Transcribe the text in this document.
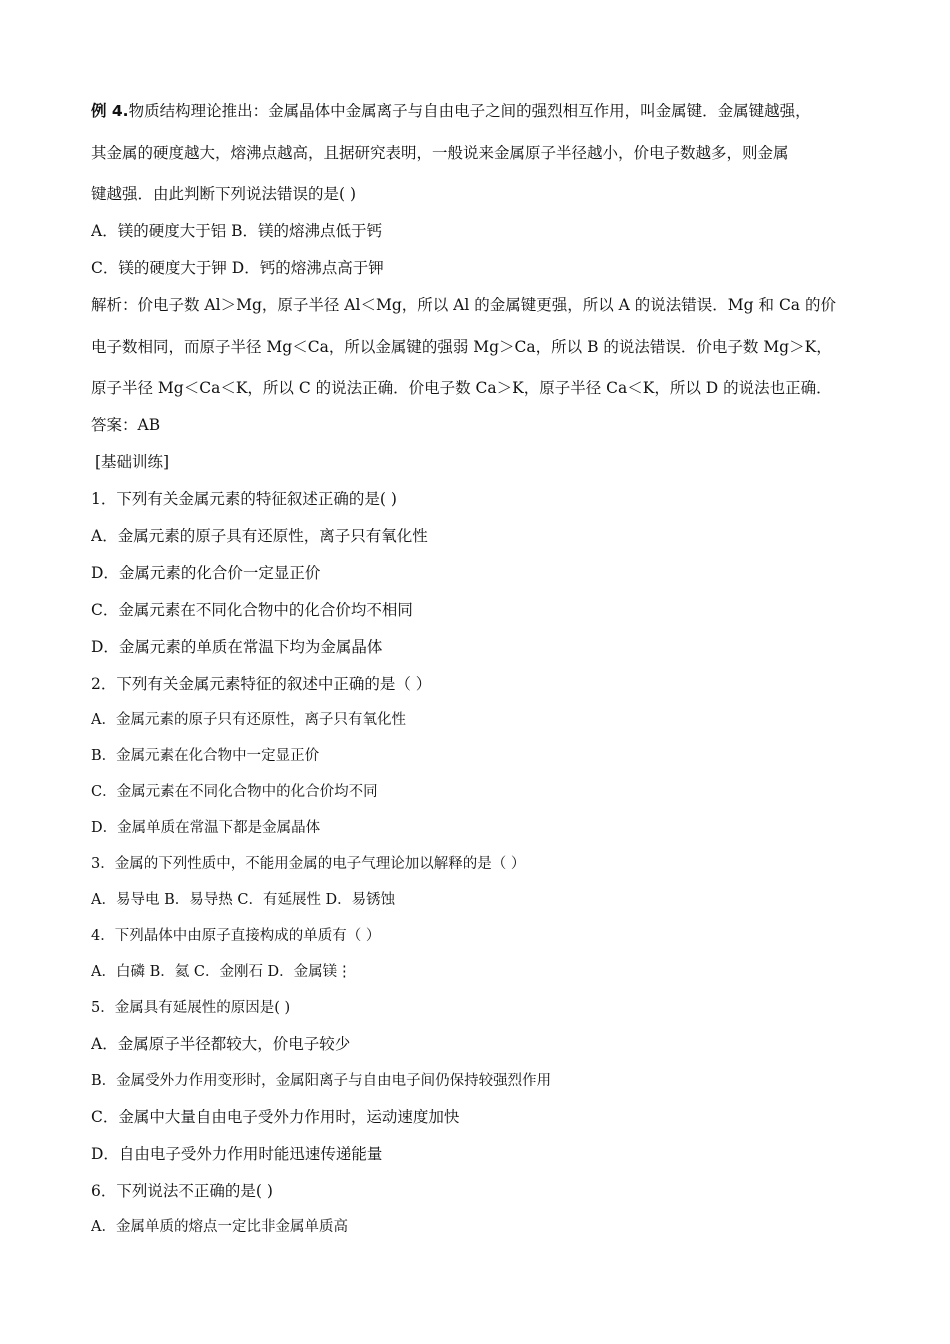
例 4.物质结构理论推出：金属晶体中金属离子与自由电子之间的强烈相互作用，叫金属键．金属键越强，
其金属的硬度越大，熔沸点越高，且据研究表明，一般说来金属原子半径越小，价电子数越多，则金属
键越强．由此判断下列说法错误的是( )
A．镁的硬度大于铝 B．镁的熔沸点低于钙
C．镁的硬度大于钾 D．钙的熔沸点高于钾
解析：价电子数 Al＞Mg，原子半径 Al＜Mg，所以 Al 的金属键更强，所以 A 的说法错误．Mg 和 Ca 的价
电子数相同，而原子半径 Mg＜Ca，所以金属键的强弱 Mg＞Ca，所以 B 的说法错误．价电子数 Mg＞K，
原子半径 Mg＜Ca＜K，所以 C 的说法正确．价电子数 Ca＞K，原子半径 Ca＜K，所以 D 的说法也正确．
答案：AB
[基础训练]
1．下列有关金属元素的特征叙述正确的是( )
A．金属元素的原子具有还原性，离子只有氧化性
D．金属元素的化合价一定显正价
C．金属元素在不同化合物中的化合价均不相同
D．金属元素的单质在常温下均为金属晶体
2．下列有关金属元素特征的叙述中正确的是（ ）
A．金属元素的原子只有还原性，离子只有氧化性
B．金属元素在化合物中一定显正价
C．金属元素在不同化合物中的化合价均不同
D．金属单质在常温下都是金属晶体
3．金属的下列性质中，不能用金属的电子气理论加以解释的是（ ）
A．易导电 B．易导热 C．有延展性 D．易锈蚀
4．下列晶体中由原子直接构成的单质有（ ）
A．白磷 B．氦 C．金刚石 D．金属镁⋮
5．金属具有延展性的原因是( )
A．金属原子半径都较大，价电子较少
B．金属受外力作用变形时，金属阳离子与自由电子间仍保持较强烈作用
C．金属中大量自由电子受外力作用时，运动速度加快
D．自由电子受外力作用时能迅速传递能量
6．下列说法不正确的是( )
A．金属单质的熔点一定比非金属单质高
